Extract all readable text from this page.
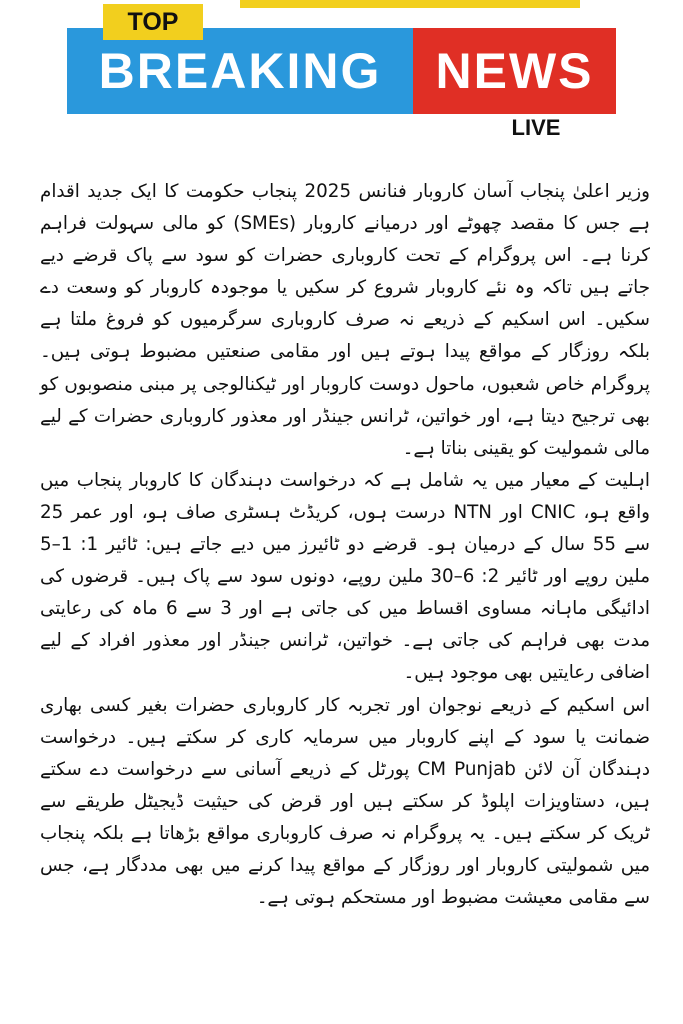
BREAKING	NEWS
TOP
LIVE

وزیر اعلیٰ پنجاب آسان کاروبار فنانس 2025 پنجاب حکومت کا ایک جدید اقدام ہے جس کا مقصد چھوٹے اور درمیانے کاروبار (SMEs) کو مالی سہولت فراہم کرنا ہے۔ اس پروگرام کے تحت کاروباری حضرات کو سود سے پاک قرضے دیے جاتے ہیں تاکہ وہ نئے کاروبار شروع کر سکیں یا موجودہ کاروبار کو وسعت دے سکیں۔ اس اسکیم کے ذریعے نہ صرف کاروباری سرگرمیوں کو فروغ ملتا ہے بلکہ روزگار کے مواقع پیدا ہوتے ہیں اور مقامی صنعتیں مضبوط ہوتی ہیں۔ پروگرام خاص شعبوں، ماحول دوست کاروبار اور ٹیکنالوجی پر مبنی منصوبوں کو بھی ترجیح دیتا ہے، اور خواتین، ٹرانس جینڈر اور معذور کاروباری حضرات کے لیے مالی شمولیت کو یقینی بناتا ہے۔

اہلیت کے معیار میں یہ شامل ہے کہ درخواست دہندگان کا کاروبار پنجاب میں واقع ہو، CNIC اور NTN درست ہوں، کریڈٹ ہسٹری صاف ہو، اور عمر 25 سے 55 سال کے درمیان ہو۔ قرضے دو ٹائیرز میں دیے جاتے ہیں: ٹائیر 1: 1–5 ملین روپے اور ٹائیر 2: 6–30 ملین روپے، دونوں سود سے پاک ہیں۔ قرضوں کی ادائیگی ماہانہ مساوی اقساط میں کی جاتی ہے اور 3 سے 6 ماہ کی رعایتی مدت بھی فراہم کی جاتی ہے۔ خواتین، ٹرانس جینڈر اور معذور افراد کے لیے اضافی رعایتیں بھی موجود ہیں۔

اس اسکیم کے ذریعے نوجوان اور تجربہ کار کاروباری حضرات بغیر کسی بھاری ضمانت یا سود کے اپنے کاروبار میں سرمایہ کاری کر سکتے ہیں۔ درخواست دہندگان آن لائن CM Punjab پورٹل کے ذریعے آسانی سے درخواست دے سکتے ہیں، دستاویزات اپلوڈ کر سکتے ہیں اور قرض کی حیثیت ڈیجیٹل طریقے سے ٹریک کر سکتے ہیں۔ یہ پروگرام نہ صرف کاروباری مواقع بڑھاتا ہے بلکہ پنجاب میں شمولیتی کاروبار اور روزگار کے مواقع پیدا کرنے میں بھی مددگار ہے، جس سے مقامی معیشت مضبوط اور مستحکم ہوتی ہے۔
